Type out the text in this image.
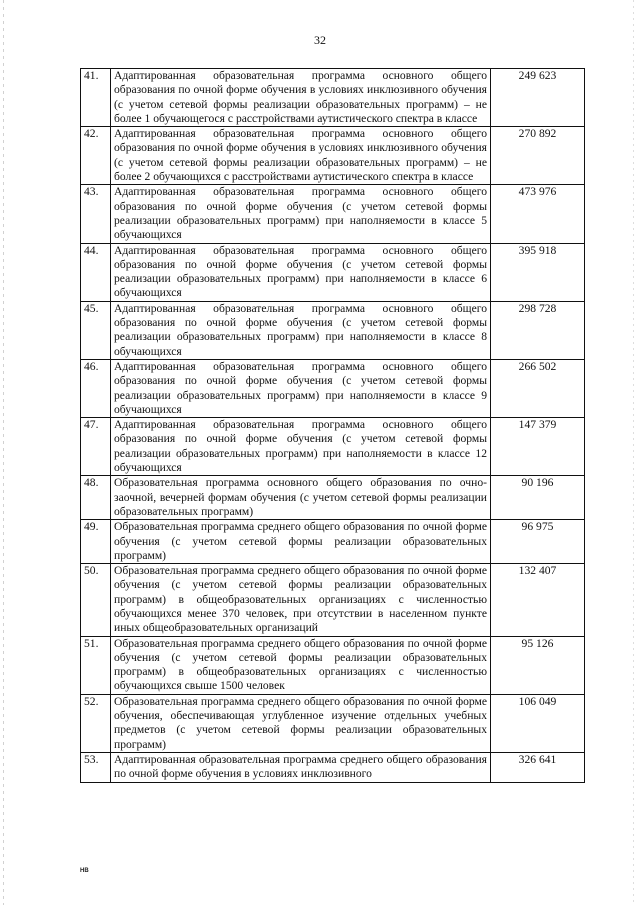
32
41.	Адаптированная образовательная программа основного общего образования по очной форме обучения в условиях инклюзивного обучения (с учетом сетевой формы реализации образовательных программ) – не более 1 обучающегося с расстройствами аутистического спектра в классе	249 623
42.	Адаптированная образовательная программа основного общего образования по очной форме обучения в условиях инклюзивного обучения (с учетом сетевой формы реализации образовательных программ) – не более 2 обучающихся с расстройствами аутистического спектра в классе	270 892
43.	Адаптированная образовательная программа основного общего образования по очной форме обучения (с учетом сетевой формы реализации образовательных программ) при наполняемости в классе 5 обучающихся	473 976
44.	Адаптированная образовательная программа основного общего образования по очной форме обучения (с учетом сетевой формы реализации образовательных программ) при наполняемости в классе 6 обучающихся	395 918
45.	Адаптированная образовательная программа основного общего образования по очной форме обучения (с учетом сетевой формы реализации образовательных программ) при наполняемости в классе 8 обучающихся	298 728
46.	Адаптированная образовательная программа основного общего образования по очной форме обучения (с учетом сетевой формы реализации образовательных программ) при наполняемости в классе 9 обучающихся	266 502
47.	Адаптированная образовательная программа основного общего образования по очной форме обучения (с учетом сетевой формы реализации образовательных программ) при наполняемости в классе 12 обучающихся	147 379
48.	Образовательная программа основного общего образования по очно-заочной, вечерней формам обучения (с учетом сетевой формы реализации образовательных программ)	90 196
49.	Образовательная программа среднего общего образования по очной форме обучения (с учетом сетевой формы реализации образовательных программ)	96 975
50.	Образовательная программа среднего общего образования по очной форме обучения (с учетом сетевой формы реализации образовательных программ) в общеобразовательных организациях с численностью обучающихся менее 370 человек, при отсутствии в населенном пункте иных общеобразовательных организаций	132 407
51.	Образовательная программа среднего общего образования по очной форме обучения (с учетом сетевой формы реализации образовательных программ) в общеобразовательных организациях с численностью обучающихся свыше 1500 человек	95 126
52.	Образовательная программа среднего общего образования по очной форме обучения, обеспечивающая углубленное изучение отдельных учебных предметов (с учетом сетевой формы реализации образовательных программ)	106 049
53.	Адаптированная образовательная программа среднего общего образования по очной форме обучения в условиях инклюзивного	326 641
НВ
